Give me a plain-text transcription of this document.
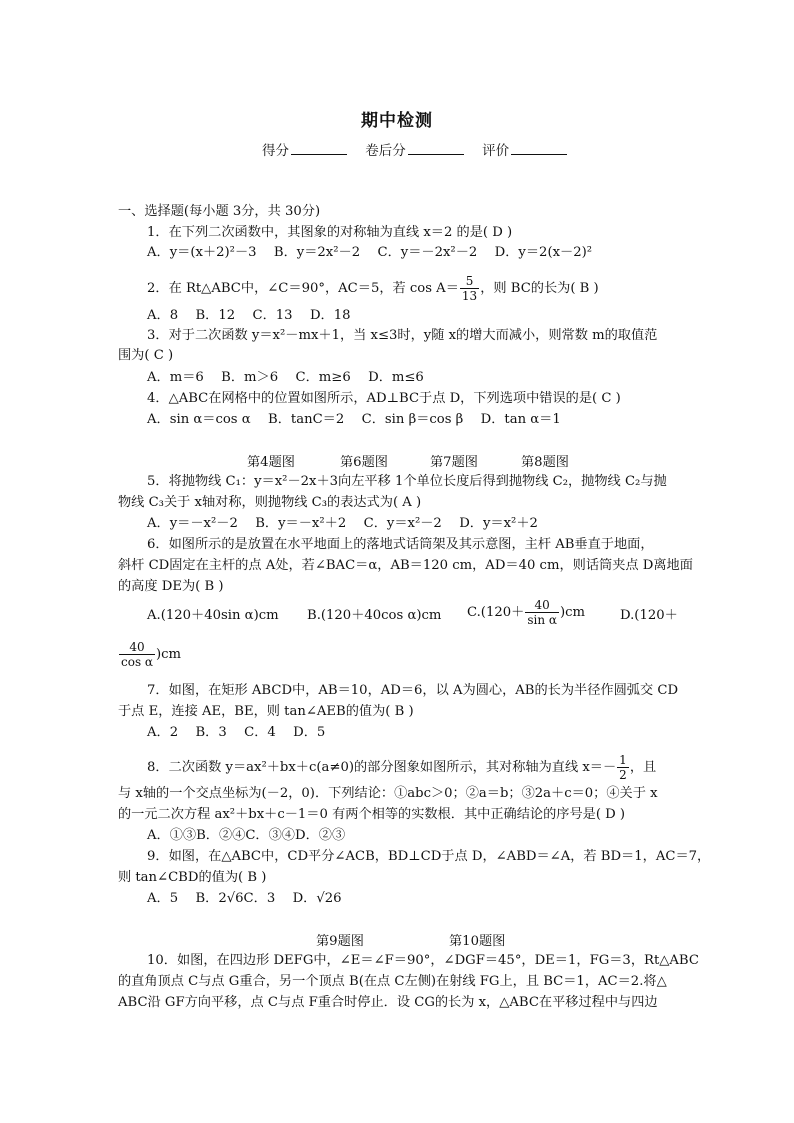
期中检测
得分	卷后分	评价
一、选择题(每小题 3分，共 30分)
1．在下列二次函数中，其图象的对称轴为直线 x＝2 的是( D )
A．y＝(x＋2)²－3　 B．y＝2x²－2　 C．y＝－2x²－2　 D．y＝2(x－2)²
2．在 Rt△ABC中，∠C＝90°，AC＝5，若 $\cos A= \frac{5}{13}$ ，则 BC的长为( B )
A．8　 B．12　 C．13　 D．18
3．对于二次函数 y＝x²－mx＋1，当 x≤3时，y随 x的增大而减小，则常数 m的取值范
围为( C )
A．m＝6　 B．m＞6　 C．m≥6　 D．m≤6
4．△ABC在网格中的位置如图所示，AD⊥BC于点 D，下列选项中错误的是( C )
A．sin α＝cos α　 B．tanC＝2　 C．sin β＝cos β　 D．tan α＝1
第4题图	第6题图	第7题图	第8题图
5．将抛物线 C₁：y＝x²－2x＋3向左平移 1个单位长度后得到抛物线 C₂，抛物线 C₂与抛
物线 C₃关于 x轴对称，则抛物线 C₃的表达式为( A )
A．y＝－x²－2　 B．y＝－x²＋2　 C．y＝x²－2　 D．y＝x²＋2
6．如图所示的是放置在水平地面上的落地式话筒架及其示意图，主杆 AB垂直于地面，
斜杆 CD固定在主杆的点 A处，若∠BAC＝α，AB＝120 cm，AD＝40 cm，则话筒夹点 D离地面
的高度 DE为( B )
A.(120＋40sin α)cm B.(120＋40cos α)cm $C.(120+ \frac{40}{\text{sin α}} )cm$	D.(120＋
$\frac{40}{\text{cos α}} )cm$
7．如图，在矩形 ABCD中，AB＝10，AD＝6，以 A为圆心，AB的长为半径作圆弧交 CD
于点 E，连接 AE，BE，则 tan∠AEB的值为( B )
A．2　 B．3　 C．4　 D．5
8．二次函数 y＝ax²＋bx＋c(a≠0)的部分图象如图所示，其对称轴为直线 $x=- \frac{1}{2}$ ，且
与 x轴的一个交点坐标为(－2，0)．下列结论：①abc＞0；②a＝b；③2a＋c＝0；④关于 x
的一元二次方程 ax²＋bx＋c－1＝0 有两个相等的实数根．其中正确结论的序号是( D )
A．①③B．②④C．③④D．②③
9．如图，在△ABC中，CD平分∠ACB，BD⊥CD于点 D，∠ABD＝∠A，若 BD＝1，AC＝7，
则 tan∠CBD的值为( B )
A．5　 B．2√6C．3　 D．√26
第9题图	第10题图
10．如图，在四边形 DEFG中，∠E＝∠F＝90°，∠DGF＝45°，DE＝1，FG＝3，Rt△ABC
的直角顶点 C与点 G重合，另一个顶点 B(在点 C左侧)在射线 FG上，且 BC＝1，AC＝2.将△
ABC沿 GF方向平移，点 C与点 F重合时停止．设 CG的长为 x，△ABC在平移过程中与四边
